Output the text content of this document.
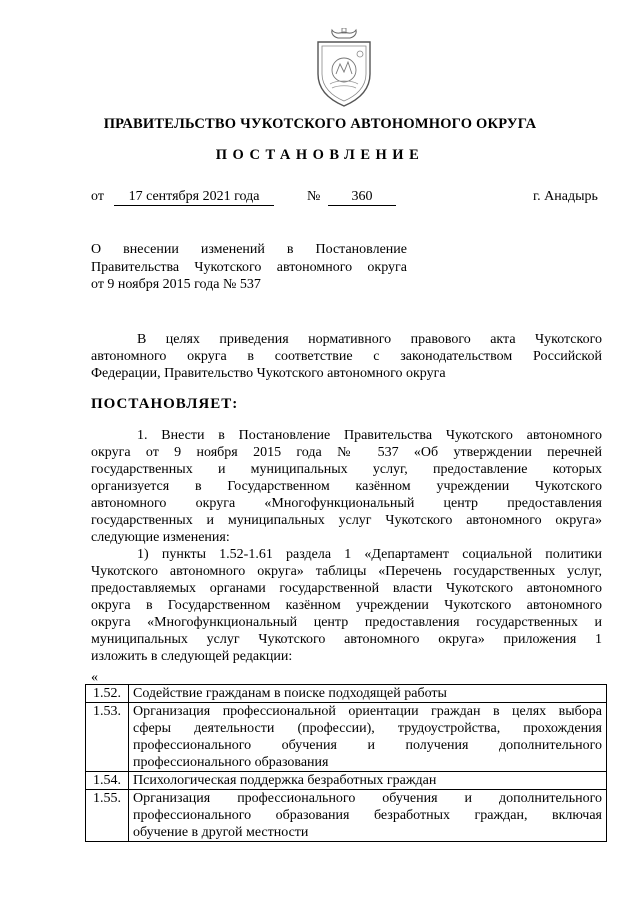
ПРАВИТЕЛЬСТВО ЧУКОТСКОГО АВТОНОМНОГО ОКРУГА
ПОСТАНОВЛЕНИЕ
от	17 сентября 2021 года	№	360	г. Анадырь
О внесении изменений в Постановление
Правительства Чукотского автономного округа
от 9 ноября 2015 года № 537
В целях приведения нормативного правового акта Чукотского
автономного округа в соответствие с законодательством Российской
Федерации, Правительство Чукотского автономного округа
ПОСТАНОВЛЯЕТ:
1. Внести в Постановление Правительства Чукотского автономного
округа от 9 ноября 2015 года № 537 «Об утверждении перечней
государственных и муниципальных услуг, предоставление которых
организуется в Государственном казённом учреждении Чукотского
автономного округа «Многофункциональный центр предоставления
государственных и муниципальных услуг Чукотского автономного округа»
следующие изменения:
1) пункты 1.52-1.61 раздела 1 «Департамент социальной политики
Чукотского автономного округа» таблицы «Перечень государственных услуг,
предоставляемых органами государственной власти Чукотского автономного
округа в Государственном казённом учреждении Чукотского автономного
округа «Многофункциональный центр предоставления государственных и
муниципальных услуг Чукотского автономного округа» приложения 1
изложить в следующей редакции:
«
1.52.	Содействие гражданам в поиске подходящей работы

1.53.	Организация профессиональной ориентации граждан в целях выбора
сферы деятельности (профессии), трудоустройства, прохождения
профессионального обучения и получения дополнительного
профессионального образования

1.54.	Психологическая поддержка безработных граждан

1.55.	Организация профессионального обучения и дополнительного
профессионального образования безработных граждан, включая
обучение в другой местности
